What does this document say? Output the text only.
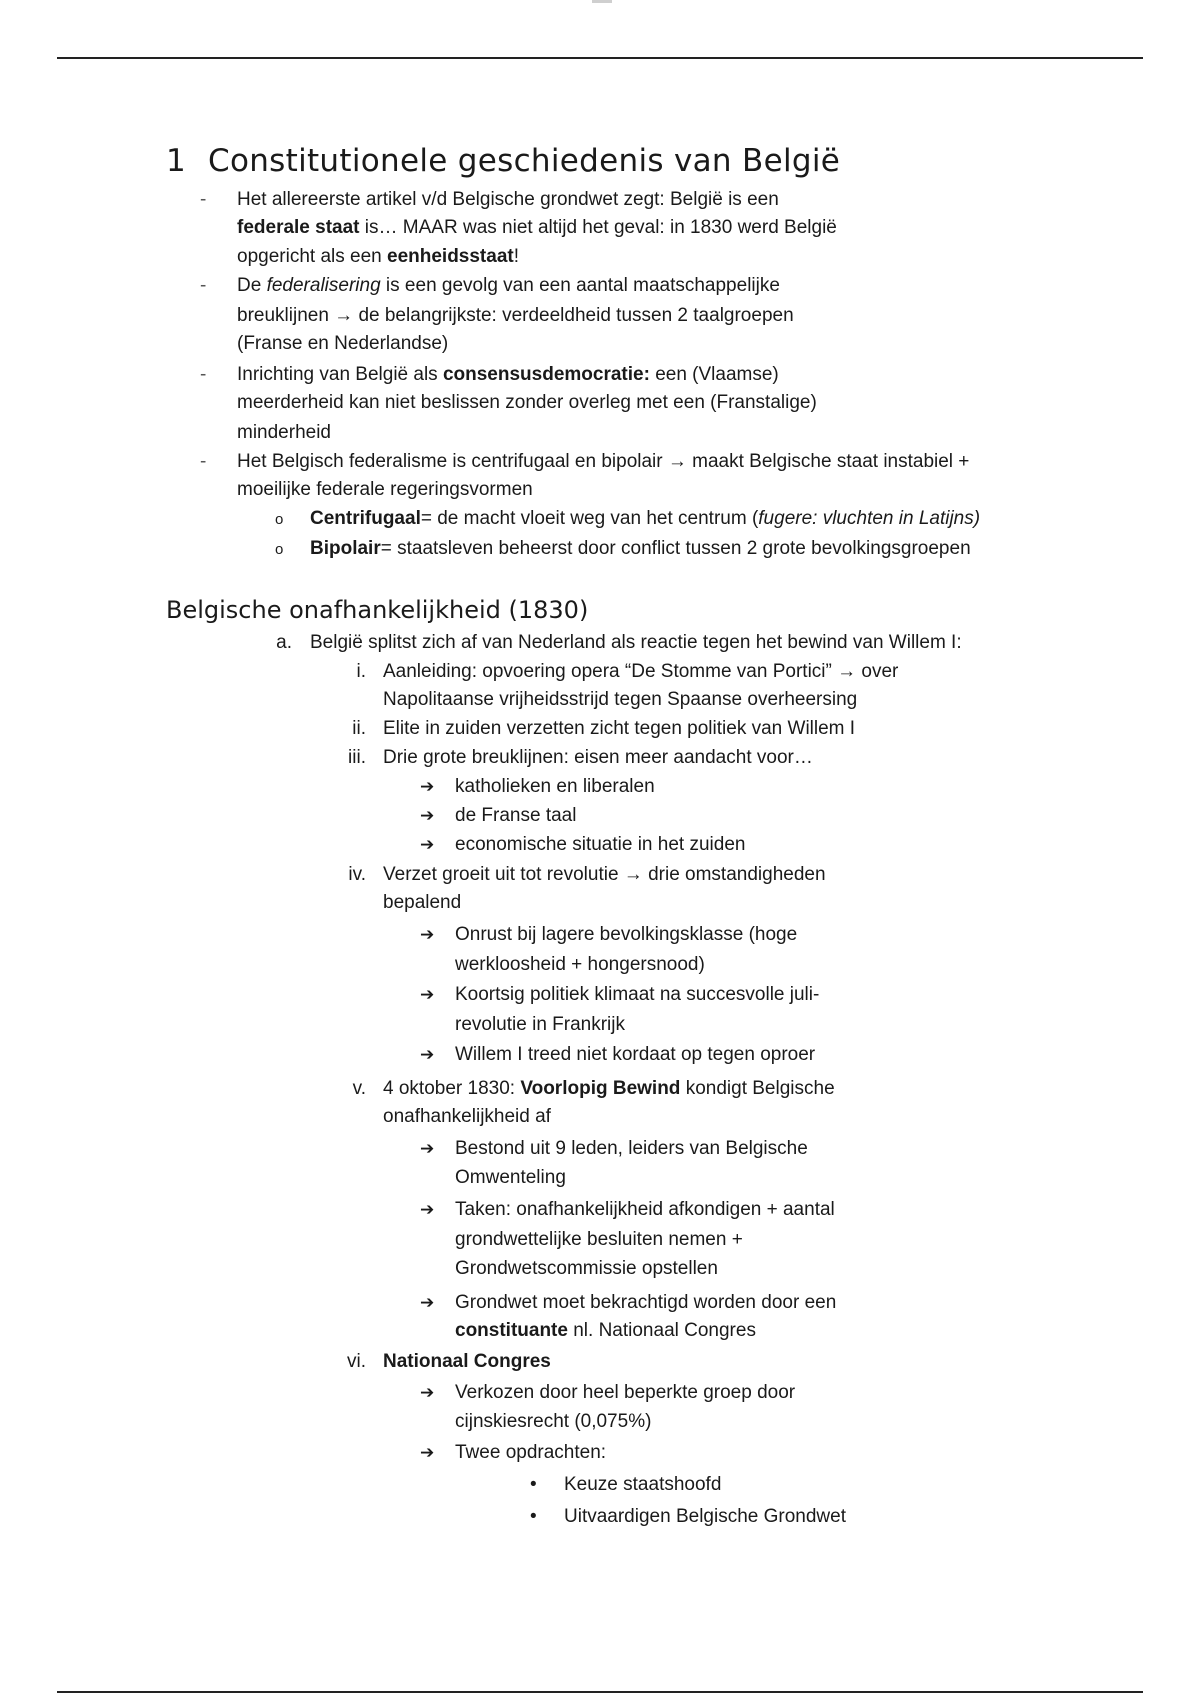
1 Constitutionele geschiedenis van België
- Het allereerste artikel v/d Belgische grondwet zegt: België is een
federale staat is… MAAR was niet altijd het geval: in 1830 werd België
opgericht als een eenheidsstaat!
- De federalisering is een gevolg van een aantal maatschappelijke
breuklijnen → de belangrijkste: verdeeldheid tussen 2 taalgroepen
(Franse en Nederlandse)
- Inrichting van België als consensusdemocratie: een (Vlaamse)
meerderheid kan niet beslissen zonder overleg met een (Franstalige)
minderheid
- Het Belgisch federalisme is centrifugaal en bipolair → maakt Belgische staat instabiel +
moeilijke federale regeringsvormen
o Centrifugaal= de macht vloeit weg van het centrum (fugere: vluchten in Latijns)
o Bipolair= staatsleven beheerst door conflict tussen 2 grote bevolkingsgroepen
Belgische onafhankelijkheid (1830)
a. België splitst zich af van Nederland als reactie tegen het bewind van Willem I:
i. Aanleiding: opvoering opera “De Stomme van Portici” → over
Napolitaanse vrijheidsstrijd tegen Spaanse overheersing
ii. Elite in zuiden verzetten zicht tegen politiek van Willem I
iii. Drie grote breuklijnen: eisen meer aandacht voor…
➔ katholieken en liberalen
➔ de Franse taal
➔ economische situatie in het zuiden
iv. Verzet groeit uit tot revolutie → drie omstandigheden
bepalend
➔ Onrust bij lagere bevolkingsklasse (hoge
werkloosheid + hongersnood)
➔ Koortsig politiek klimaat na succesvolle juli-
revolutie in Frankrijk
➔ Willem I treed niet kordaat op tegen oproer
v. 4 oktober 1830: Voorlopig Bewind kondigt Belgische
onafhankelijkheid af
➔ Bestond uit 9 leden, leiders van Belgische
Omwenteling
➔ Taken: onafhankelijkheid afkondigen + aantal
grondwettelijke besluiten nemen +
Grondwetscommissie opstellen
➔ Grondwet moet bekrachtigd worden door een
constituante nl. Nationaal Congres
vi. Nationaal Congres
➔ Verkozen door heel beperkte groep door
cijnskiesrecht (0,075%)
➔ Twee opdrachten:
• Keuze staatshoofd
• Uitvaardigen Belgische Grondwet
